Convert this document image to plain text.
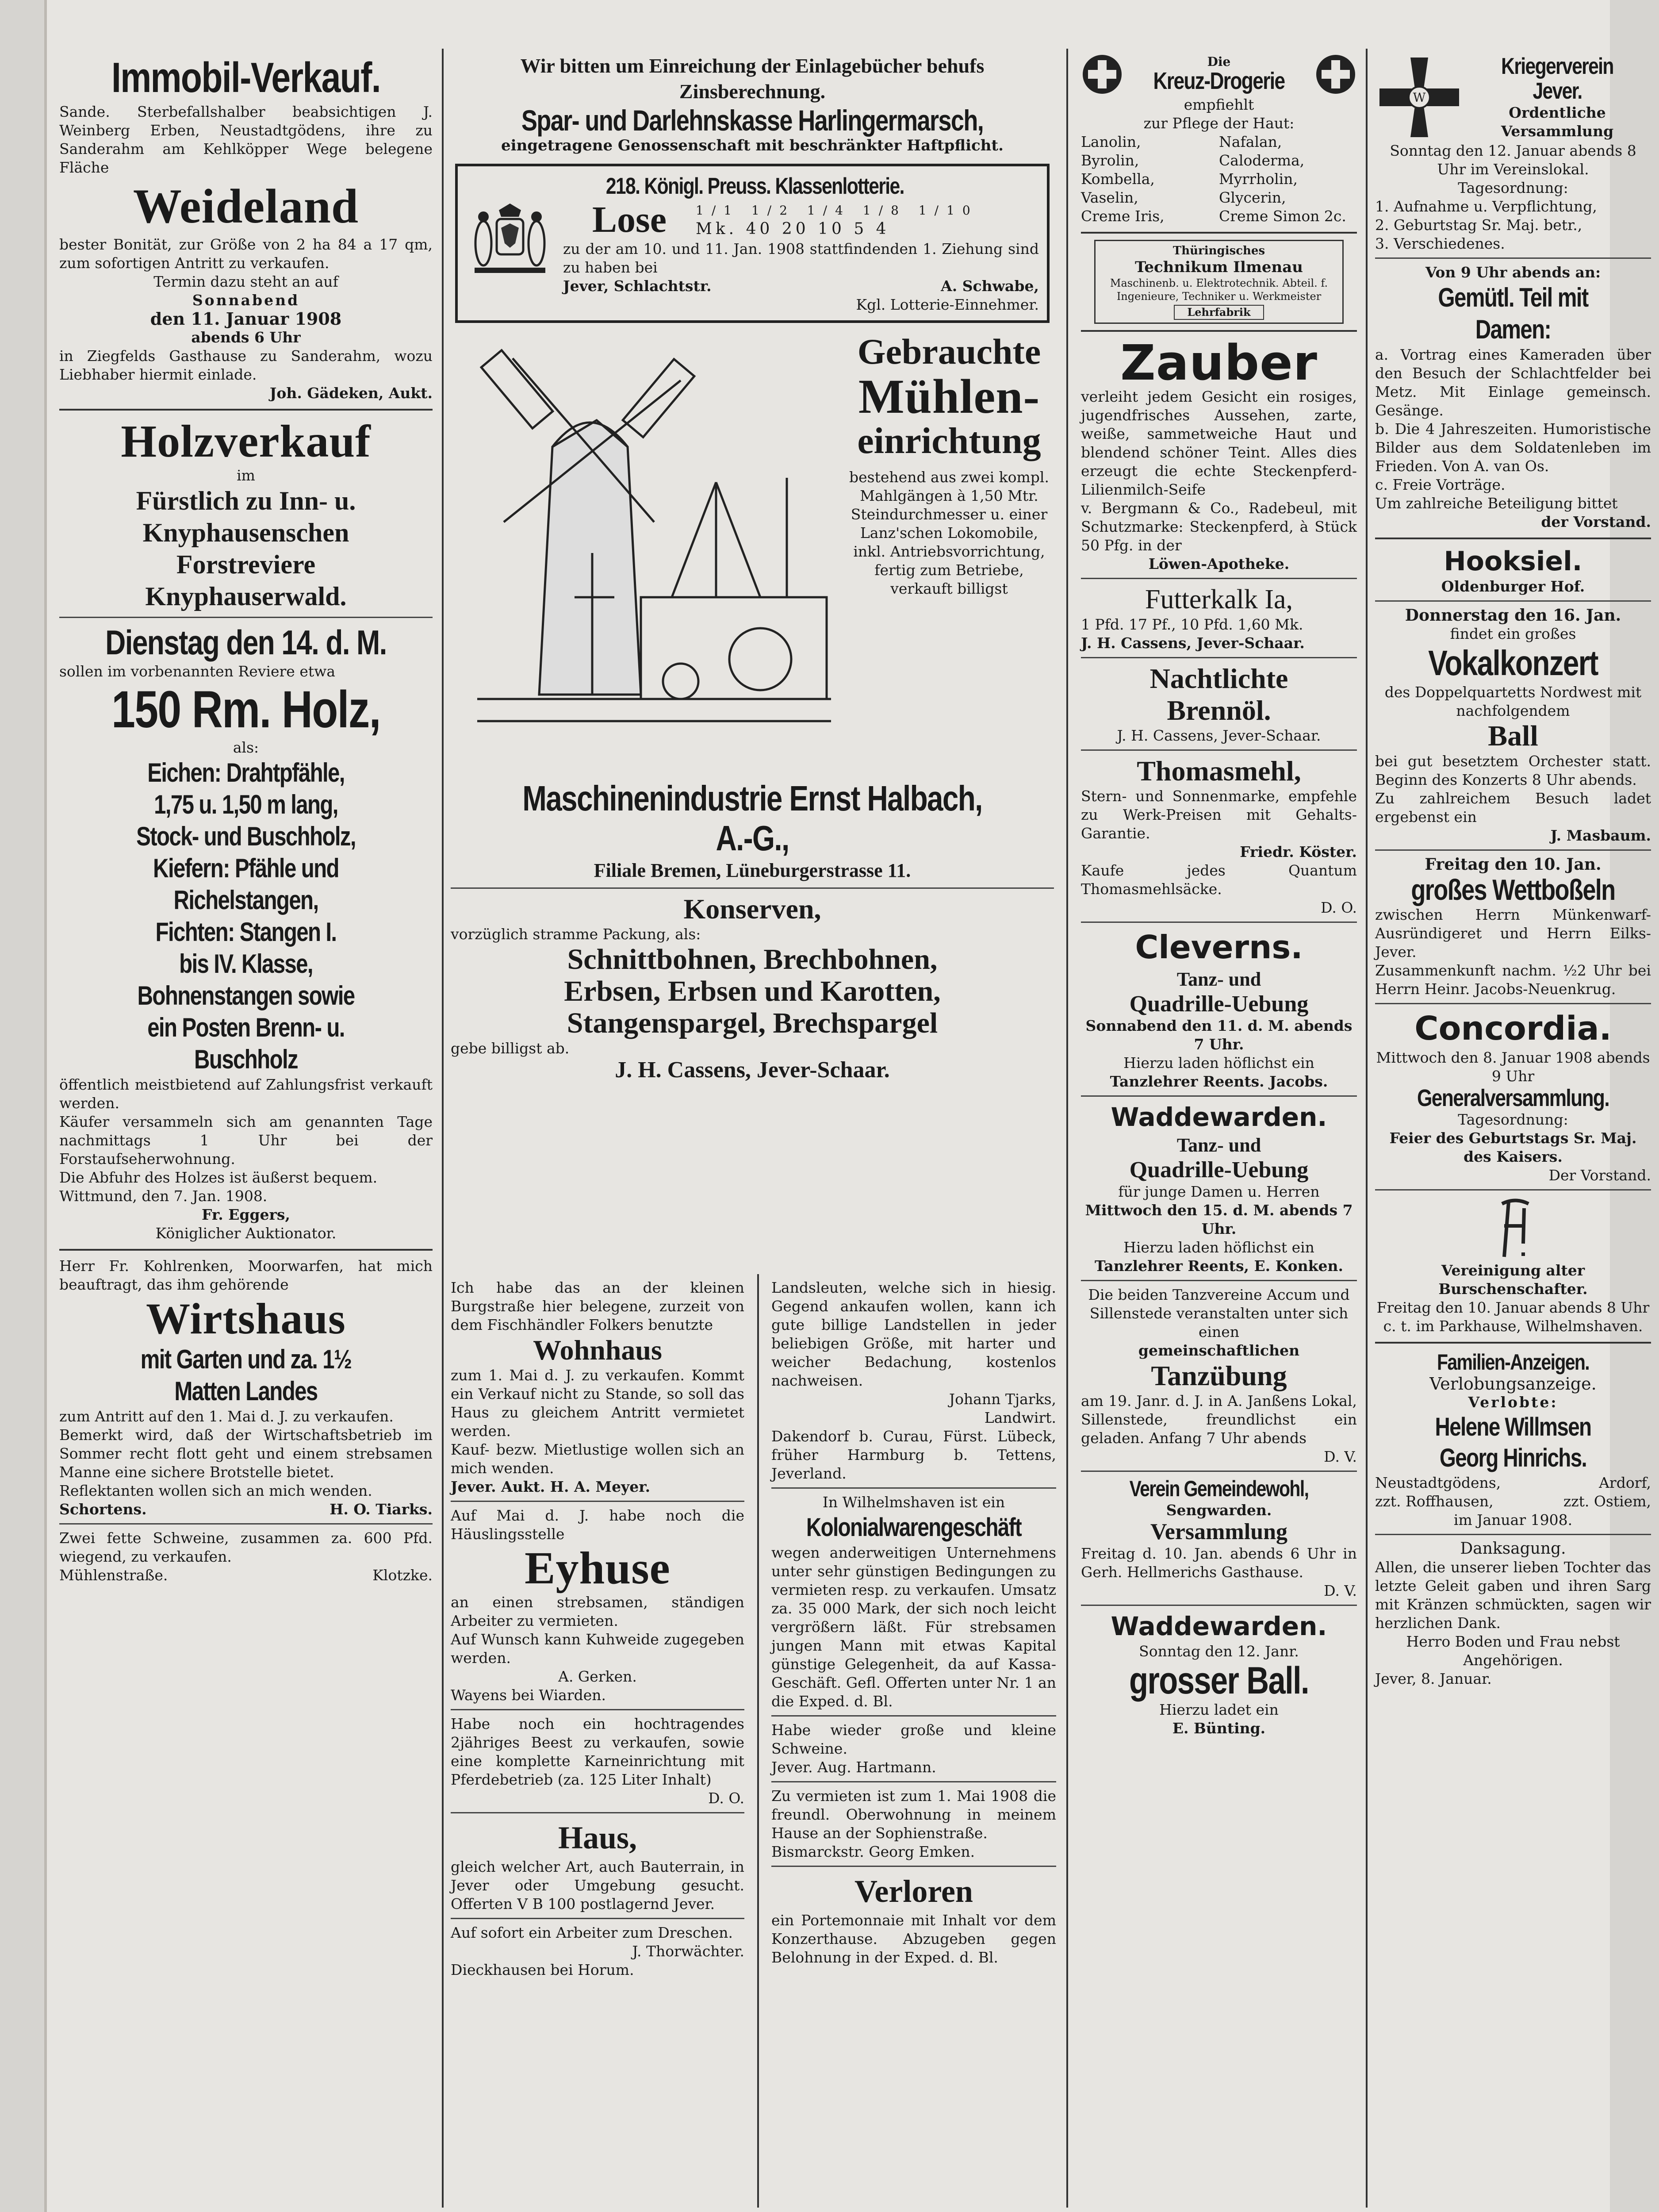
Immobil-Verkauf.

Sande. Sterbefallshalber beabsichtigen J. Weinberg Erben, Neustadtgödens, ihre zu Sanderahm am Kehlköpper Wege belegene Fläche

Weideland

bester Bonität, zur Größe von 2 ha 84 a 17 qm, zum sofortigen Antritt zu verkaufen.

Termin dazu steht an auf

Sonnabend

den 11. Januar 1908

abends 6 Uhr

in Ziegfelds Gasthause zu Sanderahm, wozu Liebhaber hiermit einlade.

Joh. Gädeken, Aukt.

Holzverkauf

im

Fürstlich zu Inn- u.

Knyphausenschen

Forstreviere

Knyphauserwald.

Dienstag den 14. d. M.

sollen im vorbenannten Reviere etwa

150 Rm. Holz,

als:

Eichen: Drahtpfähle,

1,75 u. 1,50 m lang,

Stock- und Buschholz,

Kiefern: Pfähle und

Richelstangen,

Fichten: Stangen I.

bis IV. Klasse,

Bohnenstangen sowie

ein Posten Brenn- u.

Buschholz

öffentlich meistbietend auf Zahlungsfrist verkauft werden.

Käufer versammeln sich am genannten Tage nachmittags 1 Uhr bei der Forstaufseherwohnung.

Die Abfuhr des Holzes ist äußerst bequem.

Wittmund, den 7. Jan. 1908.

Fr. Eggers,

Königlicher Auktionator.

Herr Fr. Kohlrenken, Moorwarfen, hat mich beauftragt, das ihm gehörende

Wirtshaus

mit Garten und za. 1½

Matten Landes

zum Antritt auf den 1. Mai d. J. zu verkaufen.

Bemerkt wird, daß der Wirtschaftsbetrieb im Sommer recht flott geht und einem strebsamen Manne eine sichere Brotstelle bietet.

Reflektanten wollen sich an mich wenden.

Schortens.	H. O. Tiarks.

Zwei fette Schweine, zusammen za. 600 Pfd. wiegend, zu verkaufen.

Mühlenstraße.	Klotzke.

Wir bitten um Einreichung der Einlagebücher behufs Zinsberechnung.

Spar- und Darlehnskasse Harlingermarsch,

eingetragene Genossenschaft mit beschränkter Haftpflicht.

218. Königl. Preuss. Klassenlotterie.

Lose	1/1 1/2 1/4 1/8 1/10

Mk. 40 20 10 5 4

zu der am 10. und 11. Jan. 1908 stattfindenden 1. Ziehung sind zu haben bei

Jever, Schlachtstr.	A. Schwabe,

Kgl. Lotterie-Einnehmer.

Gebrauchte

Mühlen-

einrichtung

bestehend aus zwei kompl. Mahlgängen à 1,50 Mtr. Steindurchmesser u. einer Lanz'schen Lokomobile, inkl. Antriebsvorrichtung, fertig zum Betriebe, verkauft billigst

Maschinenindustrie Ernst Halbach, A.-G.,

Filiale Bremen, Lüneburgerstrasse 11.

Konserven,

vorzüglich stramme Packung, als:

Schnittbohnen, Brechbohnen,

Erbsen, Erbsen und Karotten,

Stangenspargel, Brechspargel

gebe billigst ab.

J. H. Cassens, Jever-Schaar.

Ich habe das an der kleinen Burgstraße hier belegene, zurzeit von dem Fischhändler Folkers benutzte

Wohnhaus

zum 1. Mai d. J. zu verkaufen. Kommt ein Verkauf nicht zu Stande, so soll das Haus zu gleichem Antritt vermietet werden.

Kauf- bezw. Mietlustige wollen sich an mich wenden.

Jever. Aukt. H. A. Meyer.

Auf Mai d. J. habe noch die Häuslingsstelle

Eyhuse

an einen strebsamen, ständigen Arbeiter zu vermieten.

Auf Wunsch kann Kuhweide zugegeben werden.

A. Gerken.

Wayens bei Wiarden.

Habe noch ein hochtragendes 2jähriges Beest zu verkaufen, sowie eine komplette Karneinrichtung mit Pferdebetrieb (za. 125 Liter Inhalt)

D. O.

Haus,

gleich welcher Art, auch Bauterrain, in Jever oder Umgebung gesucht. Offerten V B 100 postlagernd Jever.

Auf sofort ein Arbeiter zum Dreschen.

J. Thorwächter.

Dieckhausen bei Horum.

Landsleuten, welche sich in hiesig. Gegend ankaufen wollen, kann ich gute billige Landstellen in jeder beliebigen Größe, mit harter und weicher Bedachung, kostenlos nachweisen.

Johann Tjarks,

Landwirt.

Dakendorf b. Curau, Fürst. Lübeck, früher Harmburg b. Tettens, Jeverland.

In Wilhelmshaven ist ein

Kolonialwarengeschäft

wegen anderweitigen Unternehmens unter sehr günstigen Bedingungen zu vermieten resp. zu verkaufen. Umsatz za. 35 000 Mark, der sich noch leicht vergrößern läßt. Für strebsamen jungen Mann mit etwas Kapital günstige Gelegenheit, da auf Kassa-Geschäft. Gefl. Offerten unter Nr. 1 an die Exped. d. Bl.

Habe wieder große und kleine Schweine.

Jever. Aug. Hartmann.

Zu vermieten ist zum 1. Mai 1908 die freundl. Oberwohnung in meinem Hause an der Sophienstraße.

Bismarckstr. Georg Emken.

Verloren

ein Portemonnaie mit Inhalt vor dem Konzerthause. Abzugeben gegen Belohnung in der Exped. d. Bl.

Die

Kreuz-Drogerie

empfiehlt

zur Pflege der Haut:

Lanolin,	Nafalan,

Byrolin,	Caloderma,

Kombella,	Myrrholin,

Vaselin,	Glycerin,

Creme Iris,	Creme Simon 2c.

Thüringisches

Technikum Ilmenau

Maschinenb. u. Elektrotechnik. Abteil. f. Ingenieure, Techniker u. Werkmeister

Lehrfabrik

Zauber

verleiht jedem Gesicht ein rosiges, jugendfrisches Aussehen, zarte, weiße, sammetweiche Haut und blendend schöner Teint. Alles dies erzeugt die echte Steckenpferd-Lilienmilch-Seife

v. Bergmann & Co., Radebeul, mit Schutzmarke: Steckenpferd, à Stück 50 Pfg. in der

Löwen-Apotheke.

Futterkalk Ia,

1 Pfd. 17 Pf., 10 Pfd. 1,60 Mk.

J. H. Cassens, Jever-Schaar.

Nachtlichte

Brennöl.

J. H. Cassens, Jever-Schaar.

Thomasmehl,

Stern- und Sonnenmarke, empfehle zu Werk-Preisen mit Gehalts-Garantie.

Friedr. Köster.

Kaufe jedes Quantum Thomasmehlsäcke.

D. O.

Cleverns.

Tanz- und

Quadrille-Uebung

Sonnabend den 11. d. M. abends 7 Uhr.

Hierzu laden höflichst ein

Tanzlehrer Reents. Jacobs.

Waddewarden.

Tanz- und

Quadrille-Uebung

für junge Damen u. Herren

Mittwoch den 15. d. M. abends 7 Uhr.

Hierzu laden höflichst ein

Tanzlehrer Reents, E. Konken.

Die beiden Tanzvereine Accum und Sillenstede veranstalten unter sich einen

gemeinschaftlichen

Tanzübung

am 19. Janr. d. J. in A. Janßens Lokal, Sillenstede, freundlichst ein geladen. Anfang 7 Uhr abends

D. V.

Verein Gemeindewohl,

Sengwarden.

Versammlung

Freitag d. 10. Jan. abends 6 Uhr in Gerh. Hellmerichs Gasthause.

D. V.

Waddewarden.

Sonntag den 12. Janr.

grosser Ball.

Hierzu ladet ein

E. Bünting.

W

Kriegerverein Jever.

Ordentliche Versammlung

Sonntag den 12. Januar abends 8 Uhr im Vereinslokal.

Tagesordnung:

1. Aufnahme u. Verpflichtung,

2. Geburtstag Sr. Maj. betr.,

3. Verschiedenes.

Von 9 Uhr abends an:

Gemütl. Teil mit Damen:

a. Vortrag eines Kameraden über den Besuch der Schlachtfelder bei Metz. Mit Einlage gemeinsch. Gesänge.

b. Die 4 Jahreszeiten. Humoristische Bilder aus dem Soldatenleben im Frieden. Von A. van Os.

c. Freie Vorträge.

Um zahlreiche Beteiligung bittet

der Vorstand.

Hooksiel.

Oldenburger Hof.

Donnerstag den 16. Jan.

findet ein großes

Vokalkonzert

des Doppelquartetts Nordwest mit nachfolgendem

Ball

bei gut besetztem Orchester statt. Beginn des Konzerts 8 Uhr abends.

Zu zahlreichem Besuch ladet ergebenst ein

J. Masbaum.

Freitag den 10. Jan.

großes Wettboßeln

zwischen Herrn Münkenwarf-Ausründigeret und Herrn Eilks-Jever.

Zusammenkunft nachm. ½2 Uhr bei Herrn Heinr. Jacobs-Neuenkrug.

Concordia.

Mittwoch den 8. Januar 1908 abends 9 Uhr

Generalversammlung.

Tagesordnung:

Feier des Geburtstags Sr. Maj. des Kaisers.

Der Vorstand.

Vereinigung alter Burschenschafter.

Freitag den 10. Januar abends 8 Uhr c. t. im Parkhause, Wilhelmshaven.

Familien-Anzeigen.

Verlobungsanzeige.

Verlobte:

Helene Willmsen

Georg Hinrichs.

Neustadtgödens,

zzt. Roffhausen,

Ardorf,

zzt. Ostiem,

im Januar 1908.

Danksagung.

Allen, die unserer lieben Tochter das letzte Geleit gaben und ihren Sarg mit Kränzen schmückten, sagen wir herzlichen Dank.

Herro Boden und Frau nebst Angehörigen.

Jever, 8. Januar.
